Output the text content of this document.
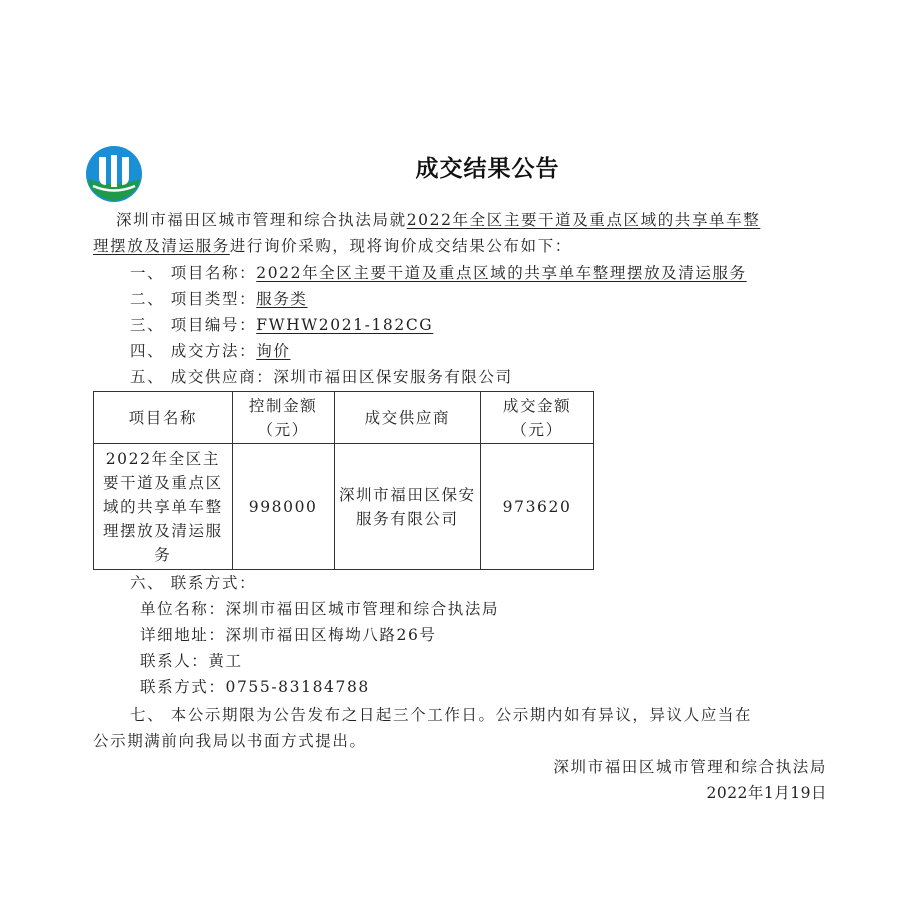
成交结果公告
深圳市福田区城市管理和综合执法局就2022年全区主要干道及重点区域的共享单车整
理摆放及清运服务进行询价采购，现将询价成交结果公布如下：
一、 项目名称：2022年全区主要干道及重点区域的共享单车整理摆放及清运服务
二、 项目类型：服务类
三、 项目编号：FWHW2021-182CG
四、 成交方法：询价
五、 成交供应商：深圳市福田区保安服务有限公司
项目名称	控制金额（元）	成交供应商	成交金额（元）
2022年全区主要干道及重点区域的共享单车整理摆放及清运服务	998000	深圳市福田区保安服务有限公司	973620
六、 联系方式：
单位名称：深圳市福田区城市管理和综合执法局
详细地址：深圳市福田区梅坳八路26号
联系人：黄工
联系方式：0755-83184788
七、 本公示期限为公告发布之日起三个工作日。公示期内如有异议，异议人应当在
公示期满前向我局以书面方式提出。
深圳市福田区城市管理和综合执法局
2022年1月19日
